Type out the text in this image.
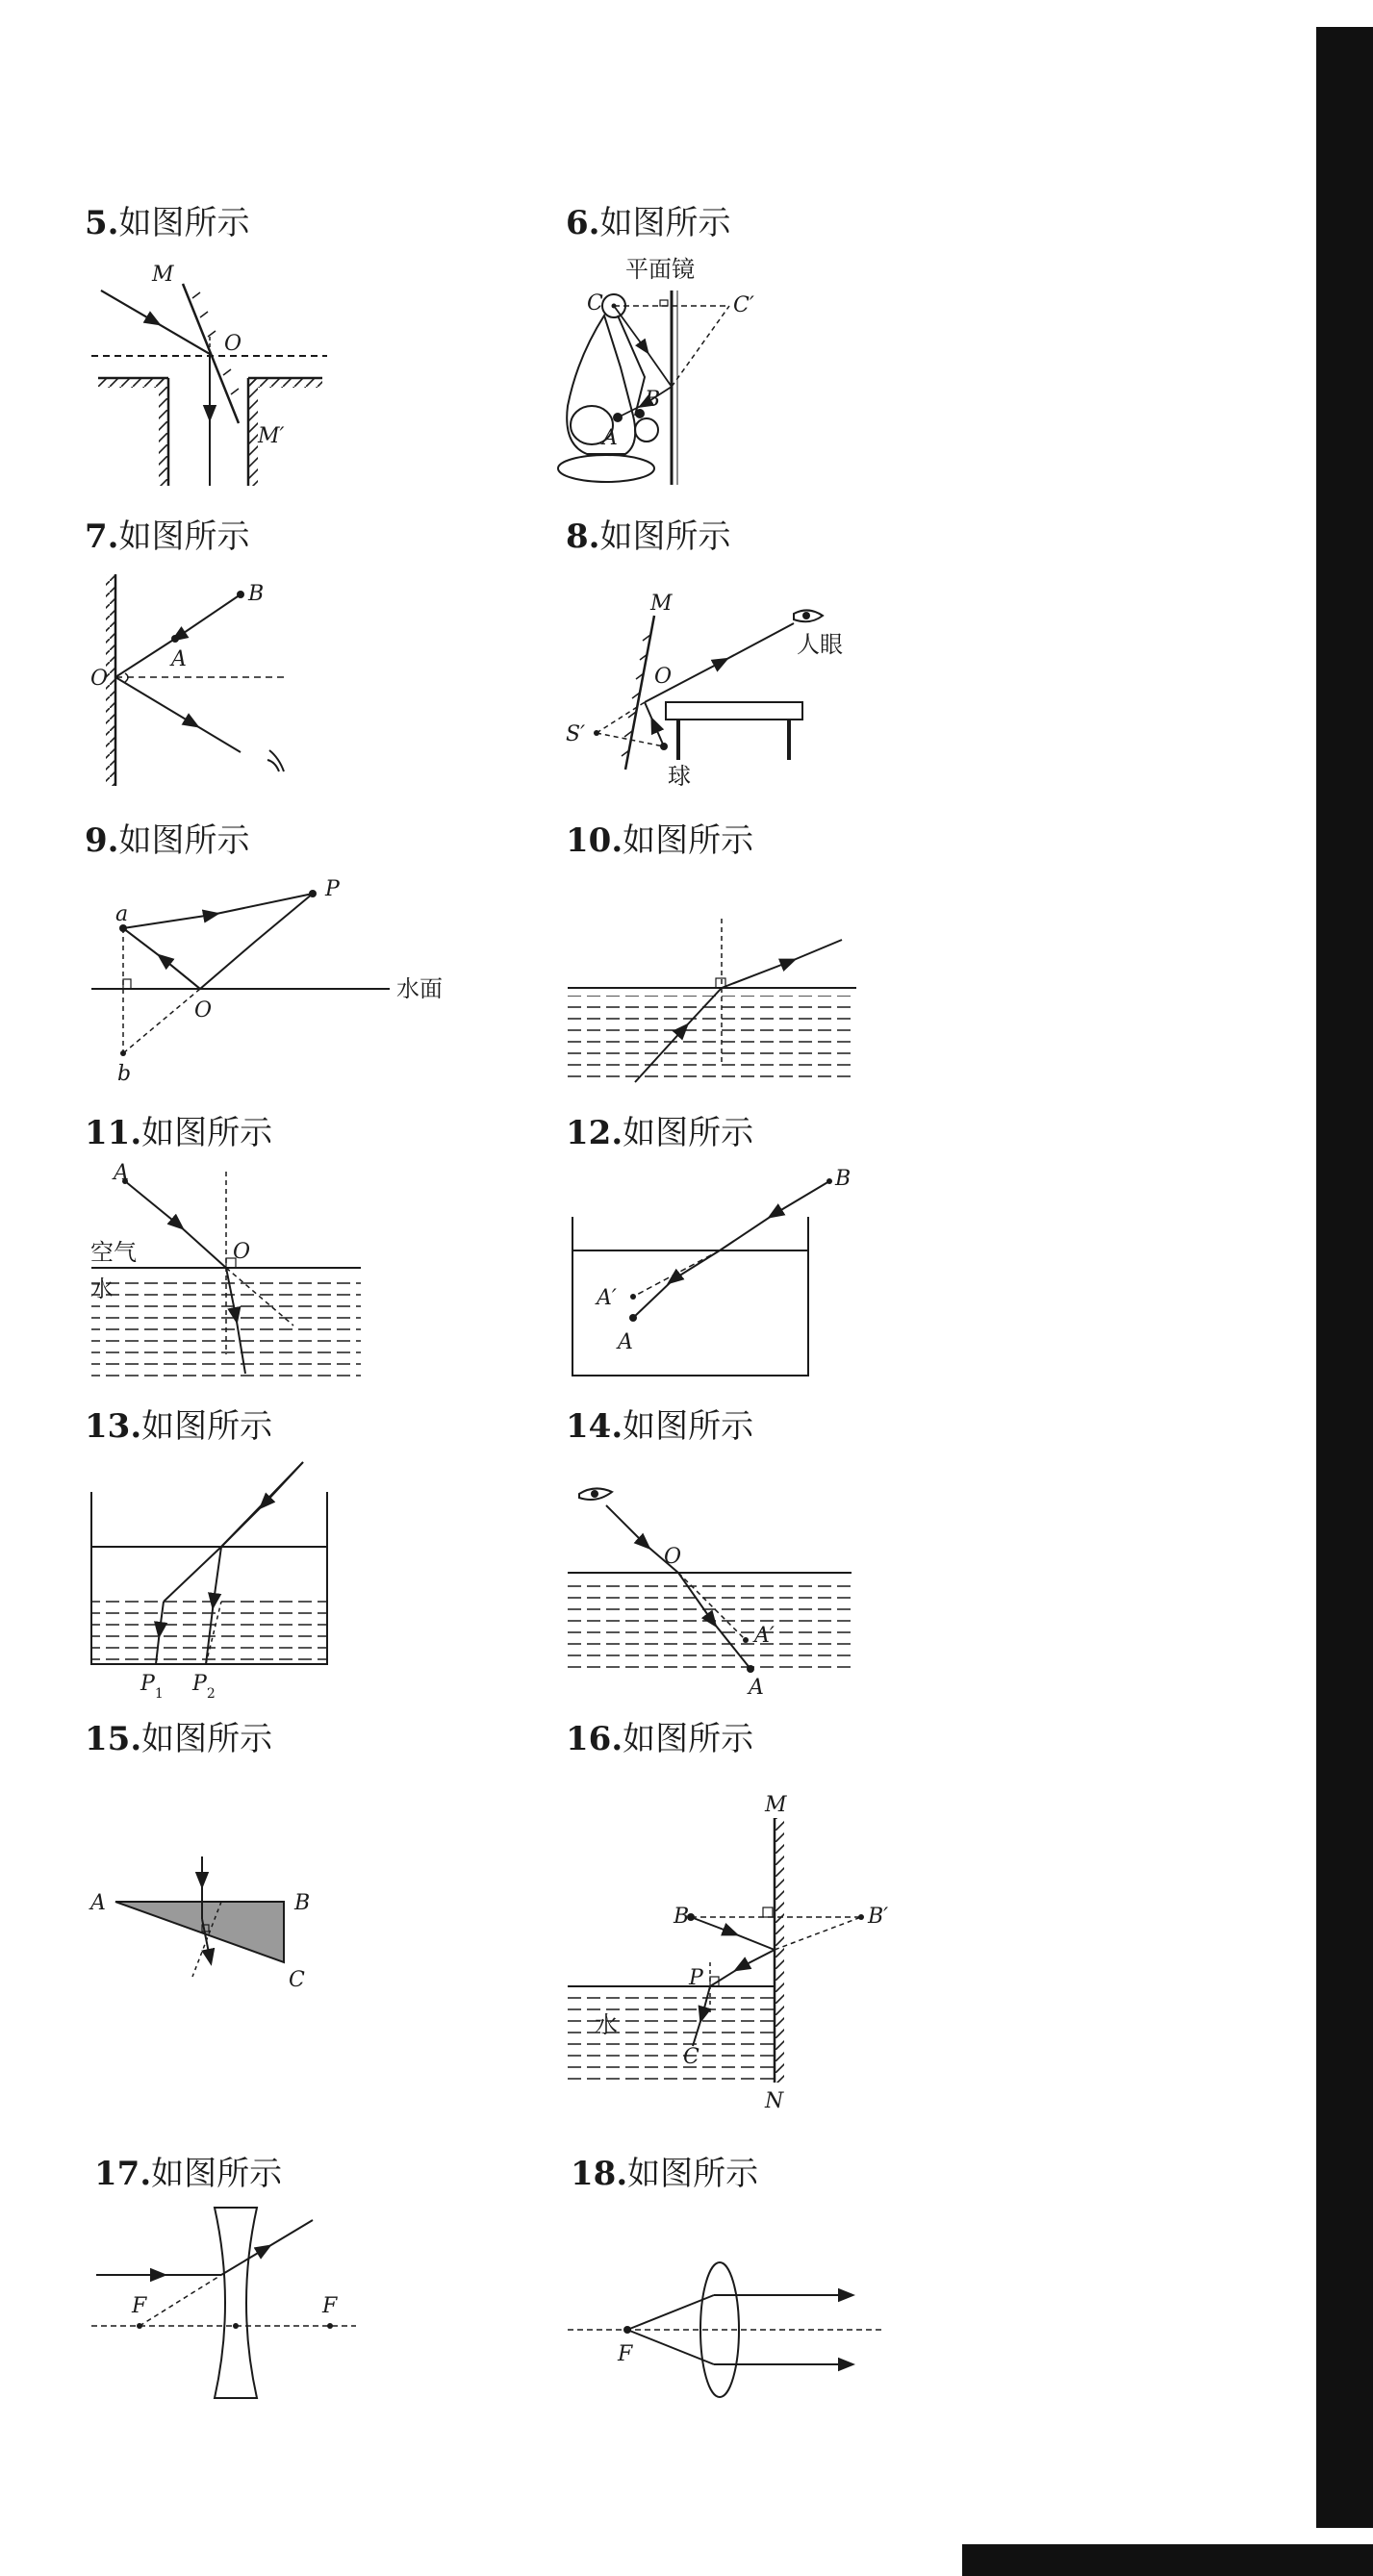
5.如图所示
M
O
M′
6.如图所示
平面镜
C	C′
A
B
7.如图所示
B
A
O
8.如图所示
M
O
S′
人眼
球
9.如图所示
水面
a
P
O
b
10.如图所示
11.如图所示
A
O
空气
水
12.如图所示
B
A′
A
13.如图所示
$P_1$ $P_2$
14.如图所示
O
A′
A
15.如图所示
A	B
C
16.如图所示
M
N
B	B′
P
水
C
17.如图所示
F	F
18.如图所示
F
